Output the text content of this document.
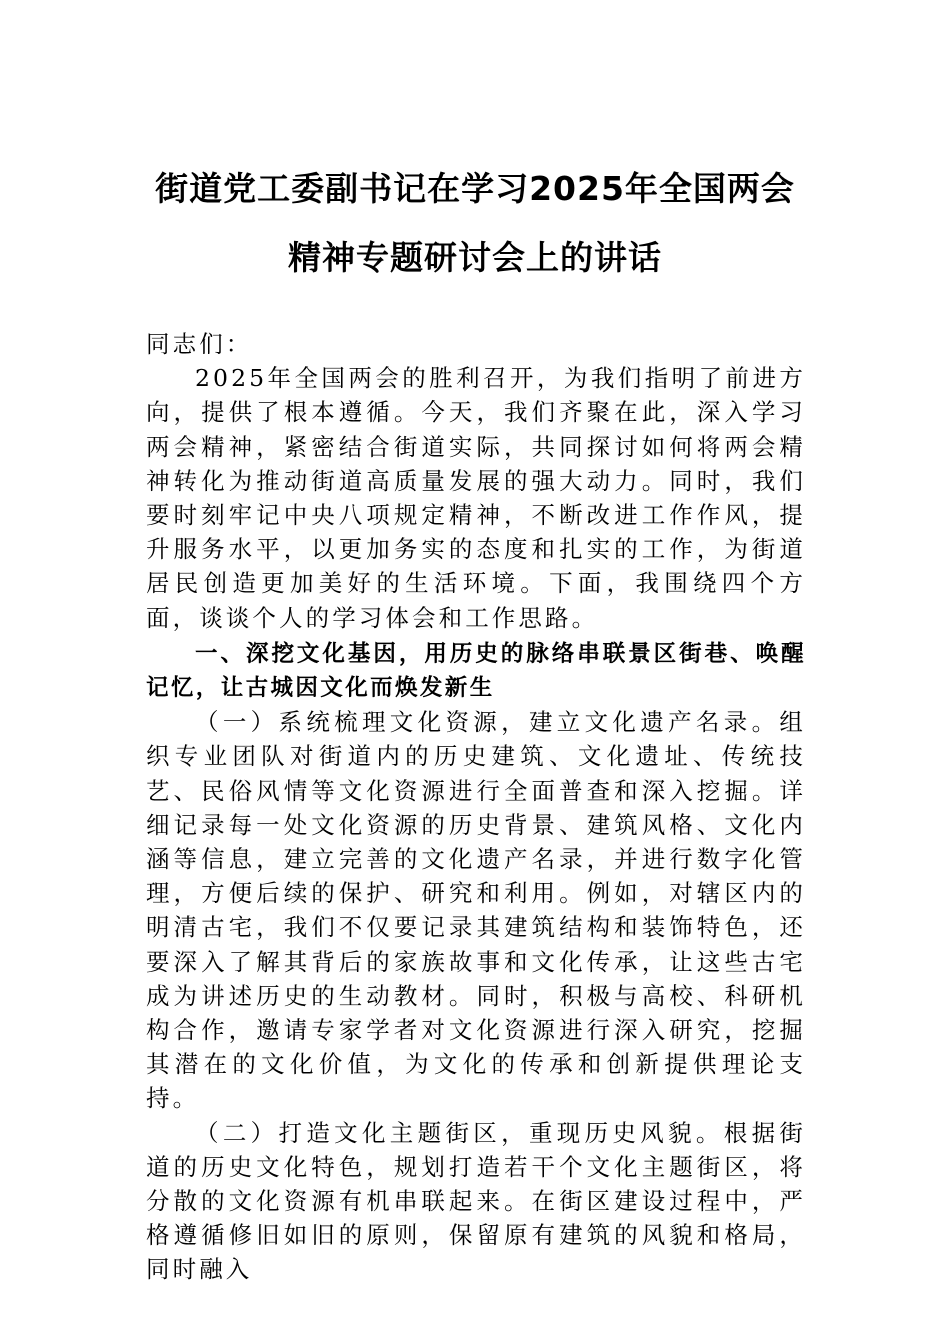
街道党工委副书记在学习2025年全国两会
精神专题研讨会上的讲话

同志们：

2025年全国两会的胜利召开，为我们指明了前进方向，提供了根本遵循。今天，我们齐聚在此，深入学习两会精神，紧密结合街道实际，共同探讨如何将两会精神转化为推动街道高质量发展的强大动力。同时，我们要时刻牢记中央八项规定精神，不断改进工作作风，提升服务水平，以更加务实的态度和扎实的工作，为街道居民创造更加美好的生活环境。下面，我围绕四个方面，谈谈个人的学习体会和工作思路。

一、深挖文化基因，用历史的脉络串联景区街巷、唤醒记忆，让古城因文化而焕发新生

（一）系统梳理文化资源，建立文化遗产名录。组织专业团队对街道内的历史建筑、文化遗址、传统技艺、民俗风情等文化资源进行全面普查和深入挖掘。详细记录每一处文化资源的历史背景、建筑风格、文化内涵等信息，建立完善的文化遗产名录，并进行数字化管理，方便后续的保护、研究和利用。例如，对辖区内的明清古宅，我们不仅要记录其建筑结构和装饰特色，还要深入了解其背后的家族故事和文化传承，让这些古宅成为讲述历史的生动教材。同时，积极与高校、科研机构合作，邀请专家学者对文化资源进行深入研究，挖掘其潜在的文化价值，为文化的传承和创新提供理论支持。

（二）打造文化主题街区，重现历史风貌。根据街道的历史文化特色，规划打造若干个文化主题街区，将分散的文化资源有机串联起来。在街区建设过程中，严格遵循修旧如旧的原则，保留原有建筑的风貌和格局，同时融入
